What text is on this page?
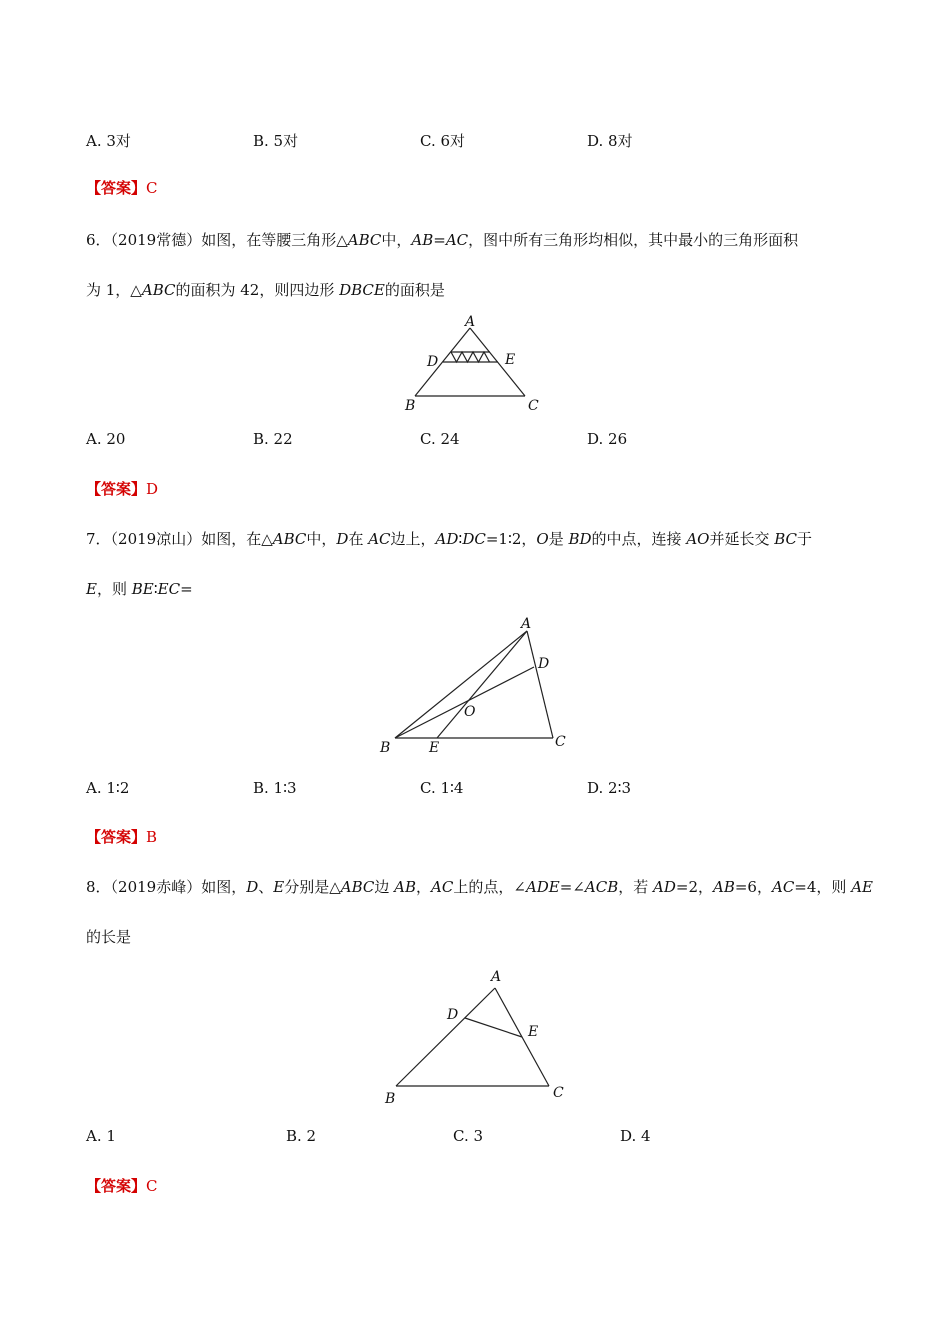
A. 3对	B. 5对	C. 6对	D. 8对
【答案】C
6．（2019常德）如图，在等腰三角形△ABC中，AB=AC，图中所有三角形均相似，其中最小的三角形面积
为 1，△ABC的面积为 42，则四边形 DBCE的面积是
A
D	E
B	C
A. 20	B. 22	C. 24	D. 26
【答案】D
7．（2019凉山）如图，在△ABC中，D在 AC边上，AD∶DC=1∶2，O是 BD的中点，连接 AO并延长交 BC于
E，则 BE∶EC=
A
D
O
B	E	C
A. 1∶2	B. 1∶3	C. 1∶4	D. 2∶3
【答案】B
8．（2019赤峰）如图，D、E分别是△ABC边 AB，AC上的点，∠ADE=∠ACB，若 AD=2，AB=6，AC=4，则 AE
的长是
A
D
E
B	C
A. 1	B. 2	C. 3	D. 4
【答案】C
